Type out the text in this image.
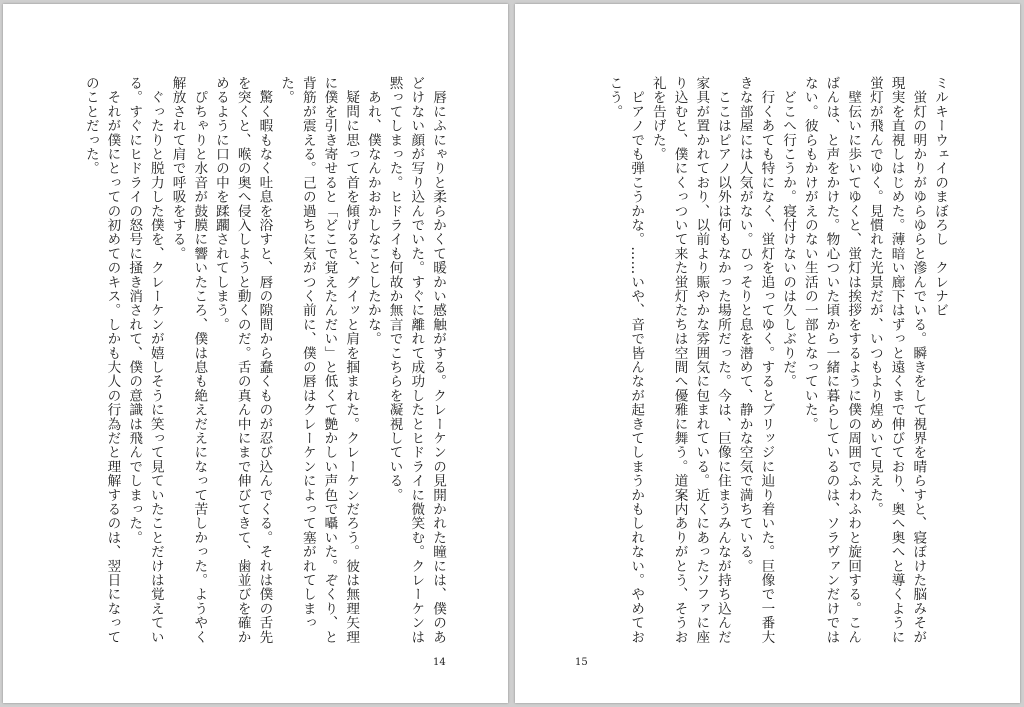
　唇にふにゃりと柔らかくて暖かい感触がする。クレーケンの見開かれた瞳には、僕のあどけない顔が写り込んでいた。すぐに離れて成功したとヒドライに微笑む。クレーケンは黙ってしまった。ヒドライも何故か無言でこちらを凝視している。

　あれ、僕なんかおかしなことしたかな。

　疑問に思って首を傾げると、グイッと肩を掴まれた。クレーケンだろう。彼は無理矢理に僕を引き寄せると「どこで覚えたんだい」と低くて艶かしい声色で囁いた。ぞくり、と背筋が震える。己の過ちに気がつく前に、僕の唇はクレーケンによって塞がれてしまった。

　驚く暇もなく吐息を浴すと、唇の隙間から蠢くものが忍び込んでくる。それは僕の舌先を突くと、喉の奥へ侵入しようと動くのだ。舌の真ん中にまで伸びてきて、歯並びを確かめるように口の中を蹂躙されてしまう。

　ぴちゃりと水音が鼓膜に響いたころ、僕は息も絶えだえになって苦しかった。ようやく解放されて肩で呼吸をする。

　ぐったりと脱力した僕を、クレーケンが嬉しそうに笑って見ていたことだけは覚えている。すぐにヒドライの怒号に掻き消されて、僕の意識は飛んでしまった。

　それが僕にとっての初めてのキス。しかも大人の行為だと理解するのは、翌日になってのことだった。

14

ミルキーウェイのまぼろし　クレナビ

　蛍灯の明かりがゆらゆらと滲んでいる。瞬きをして視界を晴らすと、寝ぼけた脳みそが現実を直視しはじめた。薄暗い廊下はずっと遠くまで伸びており、奥へ奥へと導くように蛍灯が飛んでゆく。見慣れた光景だが、いつもより煌めいて見えた。

　壁伝いに歩いてゆくと、蛍灯は挨拶をするように僕の周囲でふわふわと旋回する。こんばんは、と声をかけた。物心ついた頃から一緒に暮らしているのは、ソラヴァンだけではない。彼らもかけがえのない生活の一部となっていた。

　どこへ行こうか。寝付けないのは久しぶりだ。

　行くあても特になく、蛍灯を追ってゆく。するとブリッジに辿り着いた。巨像で一番大きな部屋には人気がない。ひっそりと息を潜めて、静かな空気で満ちている。

　ここはピアノ以外は何もなかった場所だった。今は、巨像に住まうみんなが持ち込んだ家具が置かれており、以前より賑やかな雰囲気に包まれている。近くにあったソファに座り込むと、僕にくっついて来た蛍灯たちは空間へ優雅に舞う。道案内ありがとう、そうお礼を告げた。

　ピアノでも弾こうかな。……いや、音で皆んなが起きてしまうかもしれない。やめておこう。

15
